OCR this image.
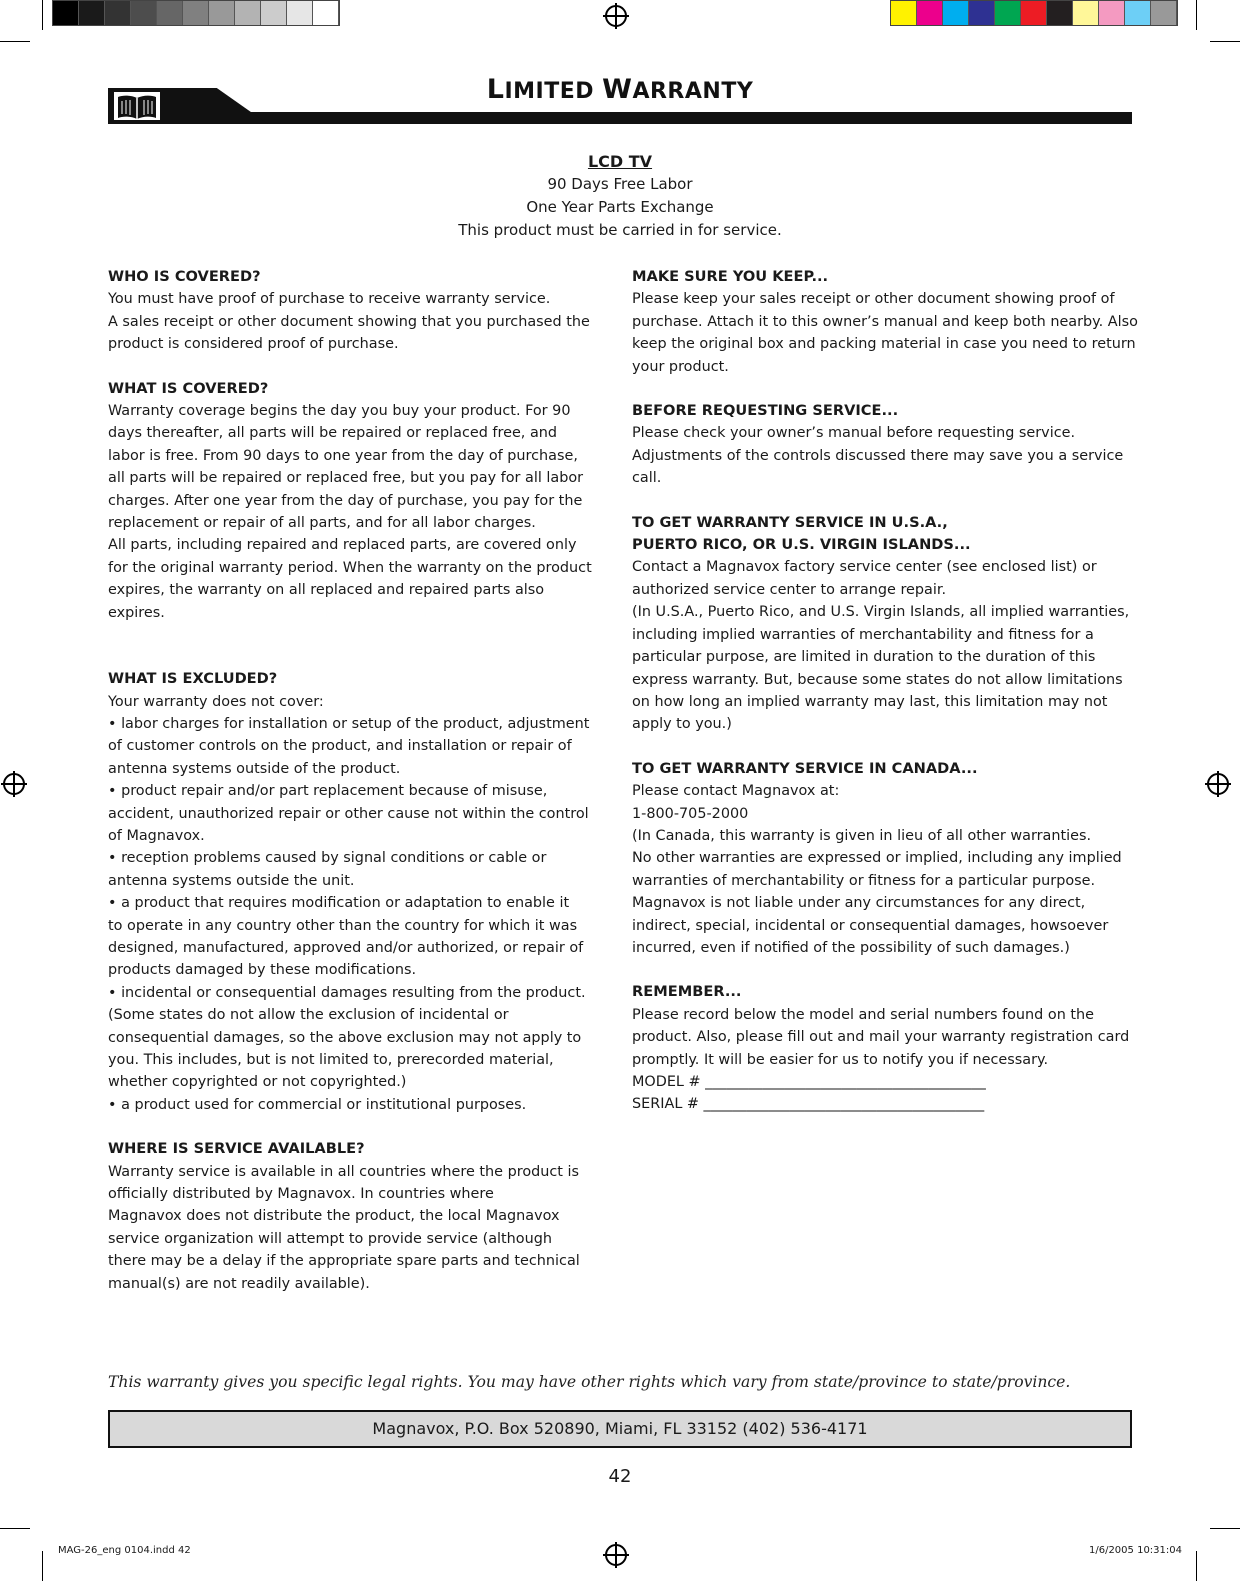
LIMITED WARRANTY
LCD TV
90 Days Free Labor
One Year Parts Exchange
This product must be carried in for service.
WHO IS COVERED?

You must have proof of purchase to receive warranty service.
A sales receipt or other document showing that you purchased the product is considered proof of purchase.

WHAT IS COVERED?

Warranty coverage begins the day you buy your product. For 90 days thereafter, all parts will be repaired or replaced free, and labor is free. From 90 days to one year from the day of purchase, all parts will be repaired or replaced free, but you pay for all labor charges. After one year from the day of purchase, you pay for the replacement or repair of all parts, and for all labor charges.
All parts, including repaired and replaced parts, are covered only for the original warranty period. When the warranty on the product expires, the warranty on all replaced and repaired parts also expires.

WHAT IS EXCLUDED?

Your warranty does not cover:
• labor charges for installation or setup of the product, adjustment of customer controls on the product, and installation or repair of antenna systems outside of the product.
• product repair and/or part replacement because of misuse, accident, unauthorized repair or other cause not within the control of Magnavox.
• reception problems caused by signal conditions or cable or
antenna systems outside the unit.
• a product that requires modification or adaptation to enable it
to operate in any country other than the country for which it was designed, manufactured, approved and/or authorized, or repair of products damaged by these modifications.
• incidental or consequential damages resulting from the product. (Some states do not allow the exclusion of incidental or consequential damages, so the above exclusion may not apply to you. This includes, but is not limited to, prerecorded material, whether copyrighted or not copyrighted.)
• a product used for commercial or institutional purposes.

WHERE IS SERVICE AVAILABLE?

Warranty service is available in all countries where the product is officially distributed by Magnavox. In countries where
Magnavox does not distribute the product, the local Magnavox service organization will attempt to provide service (although there may be a delay if the appropriate spare parts and technical manual(s) are not readily available).

MAKE SURE YOU KEEP...

Please keep your sales receipt or other document showing proof of purchase. Attach it to this owner’s manual and keep both nearby. Also keep the original box and packing material in case you need to return your product.

BEFORE REQUESTING SERVICE...

Please check your owner’s manual before requesting service. Adjustments of the controls discussed there may save you a service call.

TO GET WARRANTY SERVICE IN U.S.A.,
PUERTO RICO, OR U.S. VIRGIN ISLANDS...

Contact a Magnavox factory service center (see enclosed list) or authorized service center to arrange repair.
(In U.S.A., Puerto Rico, and U.S. Virgin Islands, all implied warranties, including implied warranties of merchantability and fitness for a particular purpose, are limited in duration to the duration of this express warranty. But, because some states do not allow limitations on how long an implied warranty may last, this limitation may not apply to you.)

TO GET WARRANTY SERVICE IN CANADA...

Please contact Magnavox at:
1-800-705-2000
(In Canada, this warranty is given in lieu of all other warranties.
No other warranties are expressed or implied, including any implied warranties of merchantability or fitness for a particular purpose. Magnavox is not liable under any circumstances for any direct, indirect, special, incidental or consequential damages, howsoever incurred, even if notified of the possibility of such damages.)

REMEMBER...

Please record below the model and serial numbers found on the product. Also, please fill out and mail your warranty registration card promptly. It will be easier for us to notify you if necessary.

MODEL # _______________________________________
SERIAL # _______________________________________
This warranty gives you specific legal rights. You may have other rights which vary from state/province to state/province.
Magnavox, P.O. Box 520890, Miami, FL 33152 (402) 536-4171
42
MAG-26_eng 0104.indd 42	1/6/2005 10:31:04
